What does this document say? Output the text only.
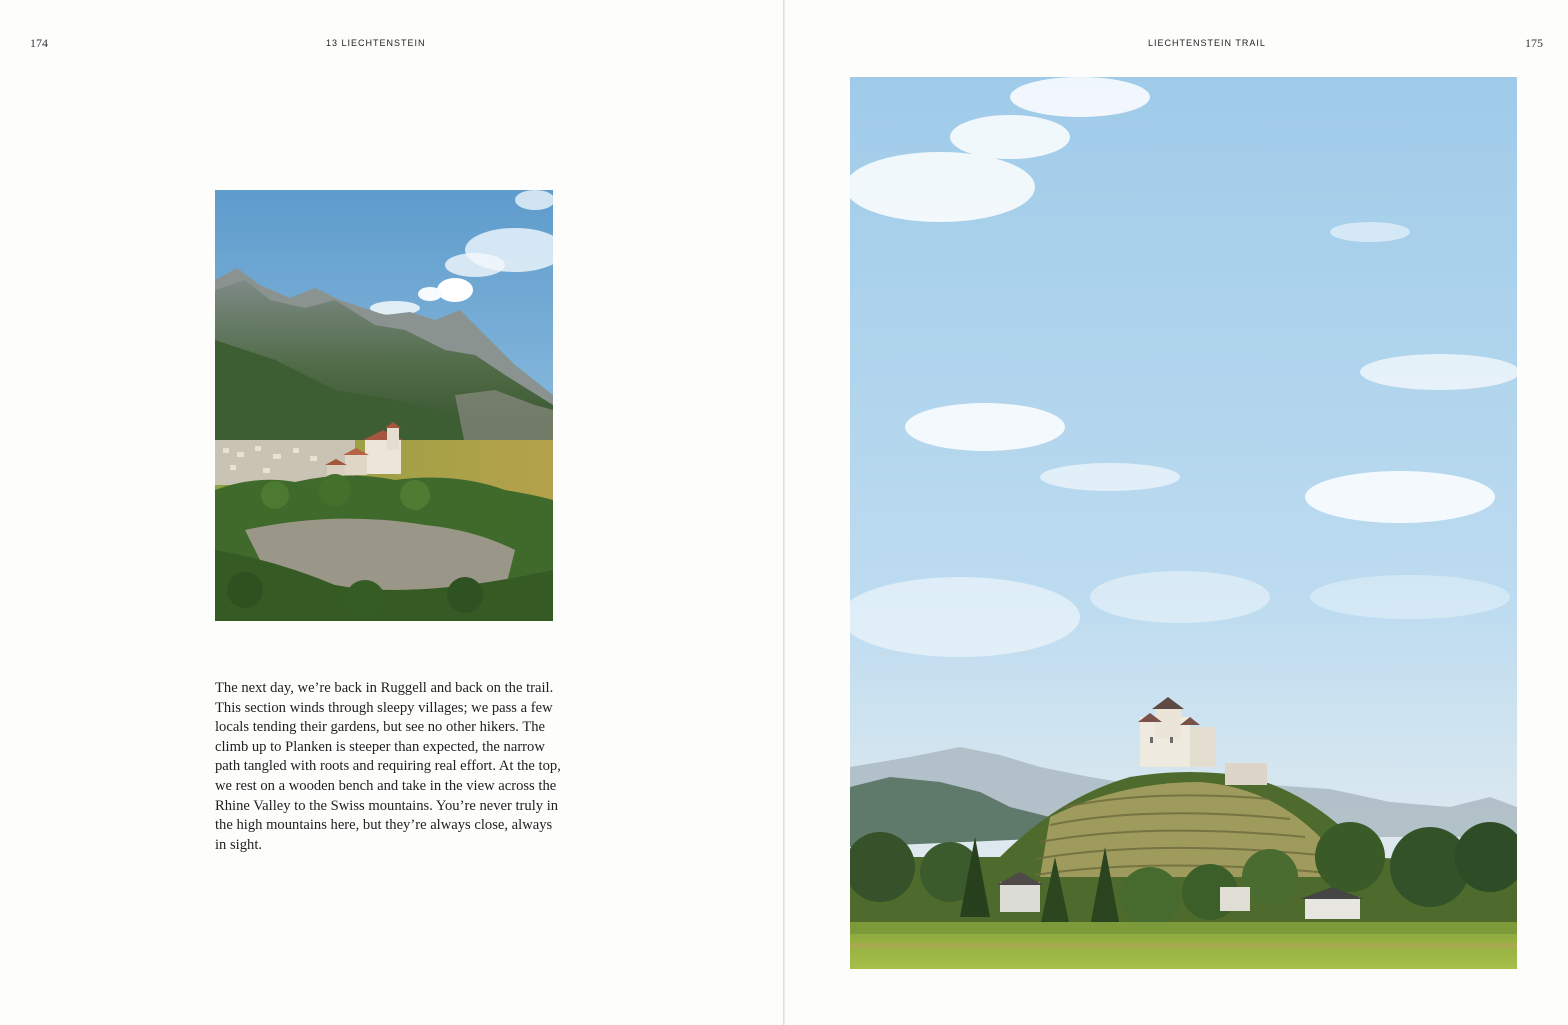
174	13 LIECHTENSTEIN

The next day, we’re back in Ruggell and back on the trail. This section winds through sleepy villages; we pass a few locals tending their gardens, but see no other hikers. The climb up to Planken is steeper than expected, the narrow path tangled with roots and requiring real effort. At the top, we rest on a wooden bench and take in the view across the Rhine Valley to the Swiss mountains. You’re never truly in the high mountains here, but they’re always close, always in sight.

LIECHTENSTEIN TRAIL	175
